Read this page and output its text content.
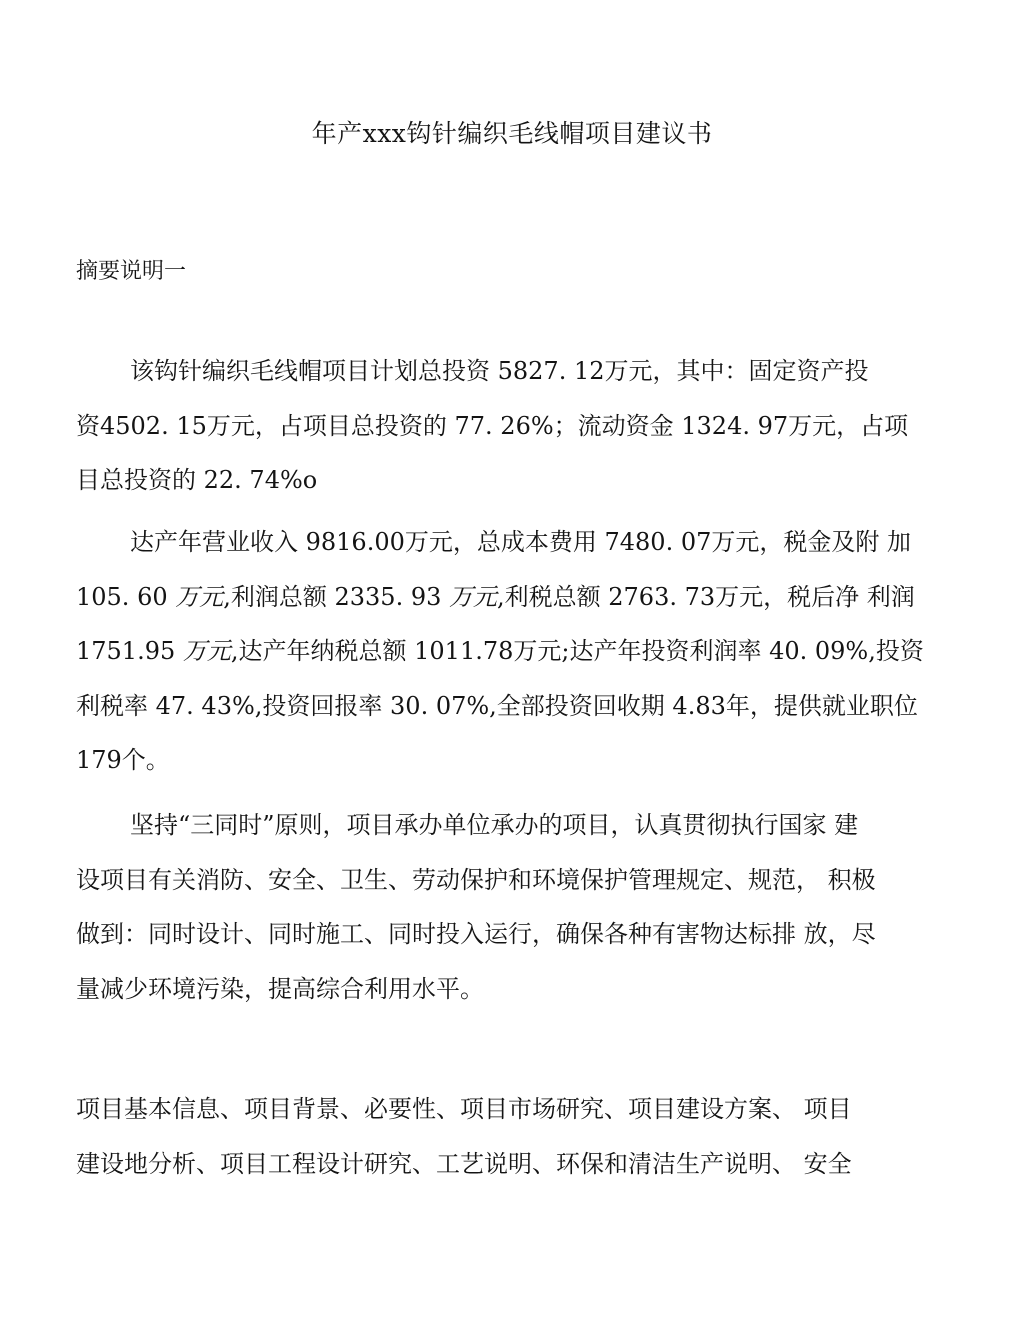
年产xxx钩针编织毛线帽项目建议书
摘要说明一

该钩针编织毛线帽项目计划总投资 5827. 12万元，其中：固定资产投
资4502. 15万元，占项目总投资的 77. 26%；流动资金 1324. 97万元，占项
目总投资的 22. 74%o

达产年营业收入 9816.00万元，总成本费用 7480. 07万元，税金及附 加
105. 60 万元,利润总额 2335. 93 万元,利税总额 2763. 73万元，税后净 利润
1751.95 万元,达产年纳税总额 1011.78万元;达产年投资利润率 40. 09%,投资
利税率 47. 43%,投资回报率 30. 07%,全部投资回收期 4.83年，提供就业职位
179个。

坚持“三同时”原则，项目承办单位承办的项目，认真贯彻执行国家 建
设项目有关消防、安全、卫生、劳动保护和环境保护管理规定、规范， 积极
做到：同时设计、同时施工、同时投入运行，确保各种有害物达标排 放，尽
量减少环境污染，提高综合利用水平。

项目基本信息、项目背景、必要性、项目市场研究、项目建设方案、 项目
建设地分析、项目工程设计研究、工艺说明、环保和清洁生产说明、 安全
